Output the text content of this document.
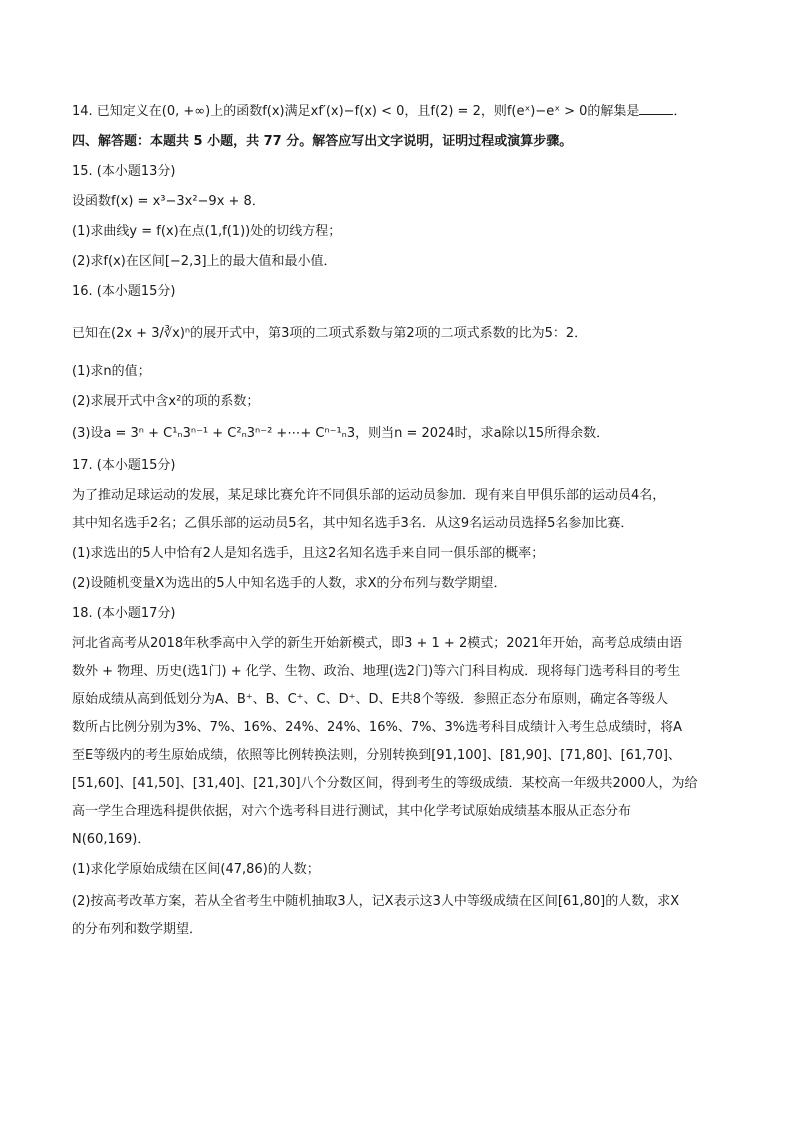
14. 已知定义在(0, +∞)上的函数f(x)满足xf′(x)−f(x) < 0，且f(2) = 2，则f(eˣ)−eˣ > 0的解集是	．
四、解答题：本题共 5 小题，共 77 分。解答应写出文字说明，证明过程或演算步骤。
15. (本小题13分)
设函数f(x) = x³−3x²−9x + 8．
(1)求曲线y = f(x)在点(1,f(1))处的切线方程；
(2)求f(x)在区间[−2,3]上的最大值和最小值．
16. (本小题15分)
已知在(2x + 3/∛x)ⁿ的展开式中，第3项的二项式系数与第2项的二项式系数的比为5：2．
(1)求n的值；
(2)求展开式中含x²的项的系数；
(3)设a = 3ⁿ + C¹ₙ3ⁿ⁻¹ + C²ₙ3ⁿ⁻² +⋯+ Cⁿ⁻¹ₙ3，则当n = 2024时，求a除以15所得余数．
17. (本小题15分)
为了推动足球运动的发展，某足球比赛允许不同俱乐部的运动员参加．现有来自甲俱乐部的运动员4名，
其中知名选手2名；乙俱乐部的运动员5名，其中知名选手3名．从这9名运动员选择5名参加比赛．
(1)求选出的5人中恰有2人是知名选手，且这2名知名选手来自同一俱乐部的概率；
(2)设随机变量X为选出的5人中知名选手的人数，求X的分布列与数学期望．
18. (本小题17分)
河北省高考从2018年秋季高中入学的新生开始新模式，即3 + 1 + 2模式；2021年开始，高考总成绩由语
数外 + 物理、历史(选1门) + 化学、生物、政治、地理(选2门)等六门科目构成．现将每门选考科目的考生
原始成绩从高到低划分为A、B⁺、B、C⁺、C、D⁺、D、E共8个等级．参照正态分布原则，确定各等级人
数所占比例分别为3%、7%、16%、24%、24%、16%、7%、3%选考科目成绩计入考生总成绩时，将A
至E等级内的考生原始成绩，依照等比例转换法则，分别转换到[91,100]、[81,90]、[71,80]、[61,70]、
[51,60]、[41,50]、[31,40]、[21,30]八个分数区间，得到考生的等级成绩．某校高一年级共2000人，为给
高一学生合理选科提供依据，对六个选考科目进行测试，其中化学考试原始成绩基本服从正态分布
N(60,169)．
(1)求化学原始成绩在区间(47,86)的人数；
(2)按高考改革方案，若从全省考生中随机抽取3人，记X表示这3人中等级成绩在区间[61,80]的人数，求X
的分布列和数学期望．
